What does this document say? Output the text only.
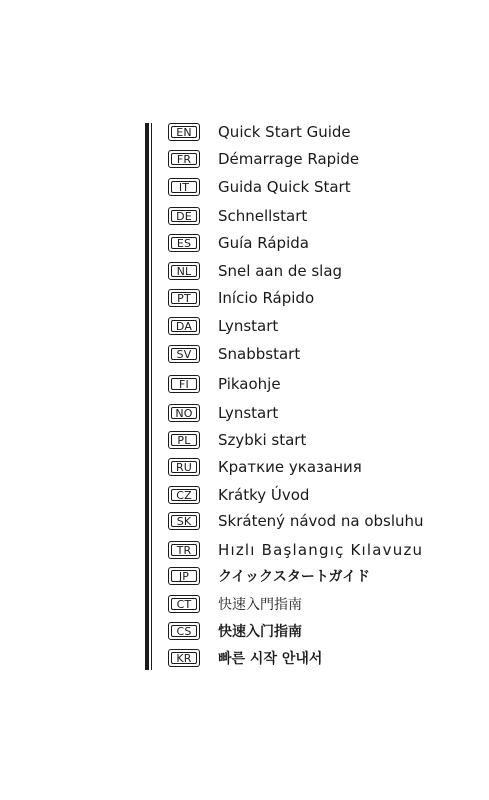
EN	Quick Start Guide
FR	Démarrage Rapide
IT	Guida Quick Start
DE	Schnellstart
ES	Guía Rápida
NL	Snel aan de slag
PT	Início Rápido
DA	Lynstart
SV	Snabbstart
FI	Pikaohje
NO	Lynstart
PL	Szybki start
RU	Краткие указания
CZ	Krátky Úvod
SK	Skrátený návod na obsluhu
TR	Hızlı Başlangıç Kılavuzu
JP	クイックスタートガイド
CT	快速入門指南
CS	快速入门指南
KR	빠른 시작 안내서
